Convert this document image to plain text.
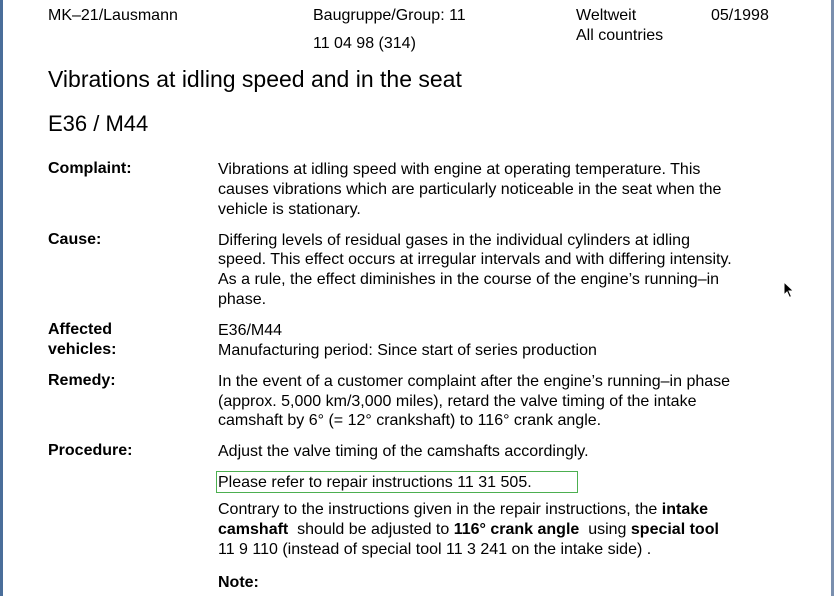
MK–21/Lausmann	Baugruppe/Group: 11
11 04 98 (314)
Weltweit
All countries
05/1998
Vibrations at idling speed and in the seat
E36 / M44
Complaint:	Vibrations at idling speed with engine at operating temperature. This
causes vibrations which are particularly noticeable in the seat when the
vehicle is stationary.
Cause:	Differing levels of residual gases in the individual cylinders at idling
speed. This effect occurs at irregular intervals and with differing intensity.
As a rule, the effect diminishes in the course of the engine’s running–in
phase.
Affected
vehicles:
E36/M44
Manufacturing period: Since start of series production
Remedy:	In the event of a customer complaint after the engine’s running–in phase
(approx. 5,000 km/3,000 miles), retard the valve timing of the intake
camshaft by 6° (= 12° crankshaft) to 116° crank angle.
Procedure:	Adjust the valve timing of the camshafts accordingly.
Please refer to repair instructions 11 31 505.
Contrary to the instructions given in the repair instructions, the intake
camshaft  should be adjusted to 116° crank angle  using special tool
11 9 110 (instead of special tool 11 3 241 on the intake side) .
Note:
